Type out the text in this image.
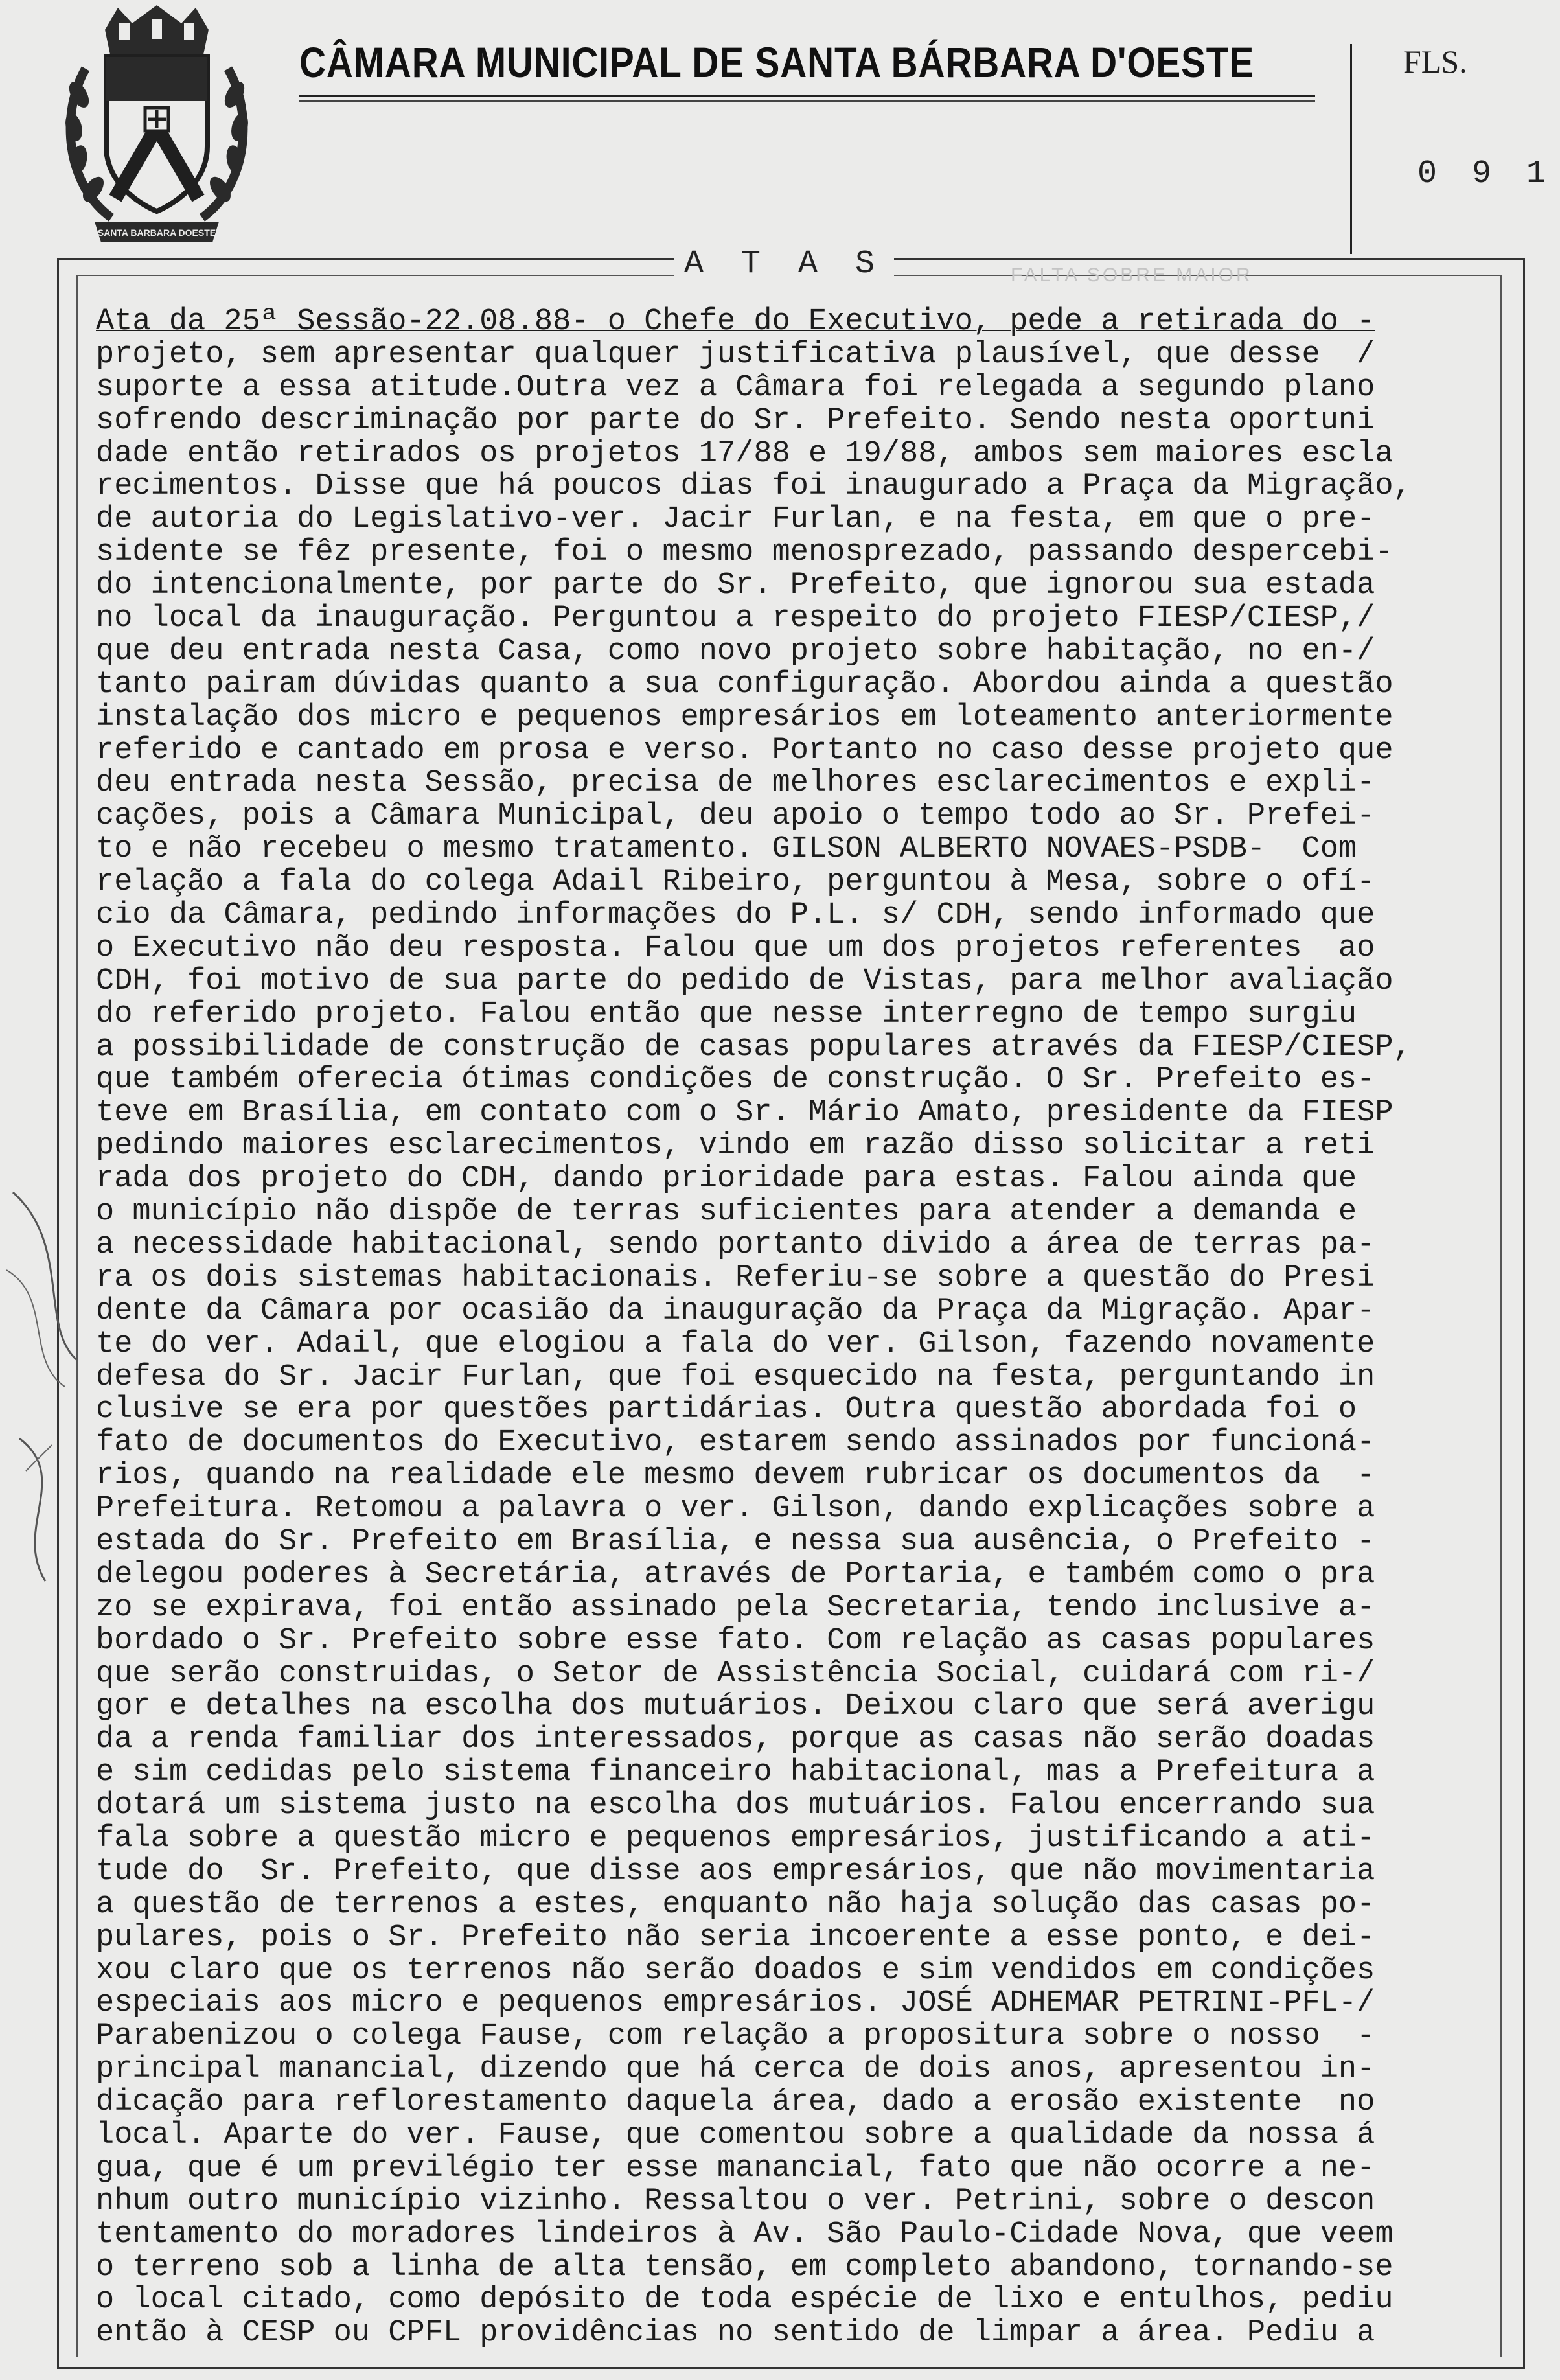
SANTA BARBARA DOESTE
CÂMARA MUNICIPAL DE SANTA BÁRBARA D'OESTE	FLS.
0 9 1
A T A S	FALTA SOBRE MAIOR
Ata da 25ª Sessão-22.08.88- o Chefe do Executivo, pede a retirada do -
projeto, sem apresentar qualquer justificativa plausível, que desse  /
suporte a essa atitude.Outra vez a Câmara foi relegada a segundo plano
sofrendo descriminação por parte do Sr. Prefeito. Sendo nesta oportuni
dade então retirados os projetos 17/88 e 19/88, ambos sem maiores escla
recimentos. Disse que há poucos dias foi inaugurado a Praça da Migração,
de autoria do Legislativo-ver. Jacir Furlan, e na festa, em que o pre-
sidente se fêz presente, foi o mesmo menosprezado, passando despercebi-
do intencionalmente, por parte do Sr. Prefeito, que ignorou sua estada
no local da inauguração. Perguntou a respeito do projeto FIESP/CIESP,/
que deu entrada nesta Casa, como novo projeto sobre habitação, no en-/
tanto pairam dúvidas quanto a sua configuração. Abordou ainda a questão
instalação dos micro e pequenos empresários em loteamento anteriormente
referido e cantado em prosa e verso. Portanto no caso desse projeto que
deu entrada nesta Sessão, precisa de melhores esclarecimentos e expli-
cações, pois a Câmara Municipal, deu apoio o tempo todo ao Sr. Prefei-
to e não recebeu o mesmo tratamento. GILSON ALBERTO NOVAES-PSDB-  Com
relação a fala do colega Adail Ribeiro, perguntou à Mesa, sobre o ofí-
cio da Câmara, pedindo informações do P.L. s/ CDH, sendo informado que
o Executivo não deu resposta. Falou que um dos projetos referentes  ao
CDH, foi motivo de sua parte do pedido de Vistas, para melhor avaliação
do referido projeto. Falou então que nesse interregno de tempo surgiu
a possibilidade de construção de casas populares através da FIESP/CIESP,
que também oferecia ótimas condições de construção. O Sr. Prefeito es-
teve em Brasília, em contato com o Sr. Mário Amato, presidente da FIESP
pedindo maiores esclarecimentos, vindo em razão disso solicitar a reti
rada dos projeto do CDH, dando prioridade para estas. Falou ainda que
o município não dispõe de terras suficientes para atender a demanda e
a necessidade habitacional, sendo portanto divido a área de terras pa-
ra os dois sistemas habitacionais. Referiu-se sobre a questão do Presi
dente da Câmara por ocasião da inauguração da Praça da Migração. Apar-
te do ver. Adail, que elogiou a fala do ver. Gilson, fazendo novamente
defesa do Sr. Jacir Furlan, que foi esquecido na festa, perguntando in
clusive se era por questões partidárias. Outra questão abordada foi o
fato de documentos do Executivo, estarem sendo assinados por funcioná-
rios, quando na realidade ele mesmo devem rubricar os documentos da  -
Prefeitura. Retomou a palavra o ver. Gilson, dando explicações sobre a
estada do Sr. Prefeito em Brasília, e nessa sua ausência, o Prefeito -
delegou poderes à Secretária, através de Portaria, e também como o pra
zo se expirava, foi então assinado pela Secretaria, tendo inclusive a-
bordado o Sr. Prefeito sobre esse fato. Com relação as casas populares
que serão construidas, o Setor de Assistência Social, cuidará com ri-/
gor e detalhes na escolha dos mutuários. Deixou claro que será averigu
da a renda familiar dos interessados, porque as casas não serão doadas
e sim cedidas pelo sistema financeiro habitacional, mas a Prefeitura a
dotará um sistema justo na escolha dos mutuários. Falou encerrando sua
fala sobre a questão micro e pequenos empresários, justificando a ati-
tude do  Sr. Prefeito, que disse aos empresários, que não movimentaria
a questão de terrenos a estes, enquanto não haja solução das casas po-
pulares, pois o Sr. Prefeito não seria incoerente a esse ponto, e dei-
xou claro que os terrenos não serão doados e sim vendidos em condições
especiais aos micro e pequenos empresários. JOSÉ ADHEMAR PETRINI-PFL-/
Parabenizou o colega Fause, com relação a propositura sobre o nosso  -
principal manancial, dizendo que há cerca de dois anos, apresentou in-
dicação para reflorestamento daquela área, dado a erosão existente  no
local. Aparte do ver. Fause, que comentou sobre a qualidade da nossa á
gua, que é um previlégio ter esse manancial, fato que não ocorre a ne-
nhum outro município vizinho. Ressaltou o ver. Petrini, sobre o descon
tentamento do moradores lindeiros à Av. São Paulo-Cidade Nova, que veem
o terreno sob a linha de alta tensão, em completo abandono, tornando-se
o local citado, como depósito de toda espécie de lixo e entulhos, pediu
então à CESP ou CPFL providências no sentido de limpar a área. Pediu a
